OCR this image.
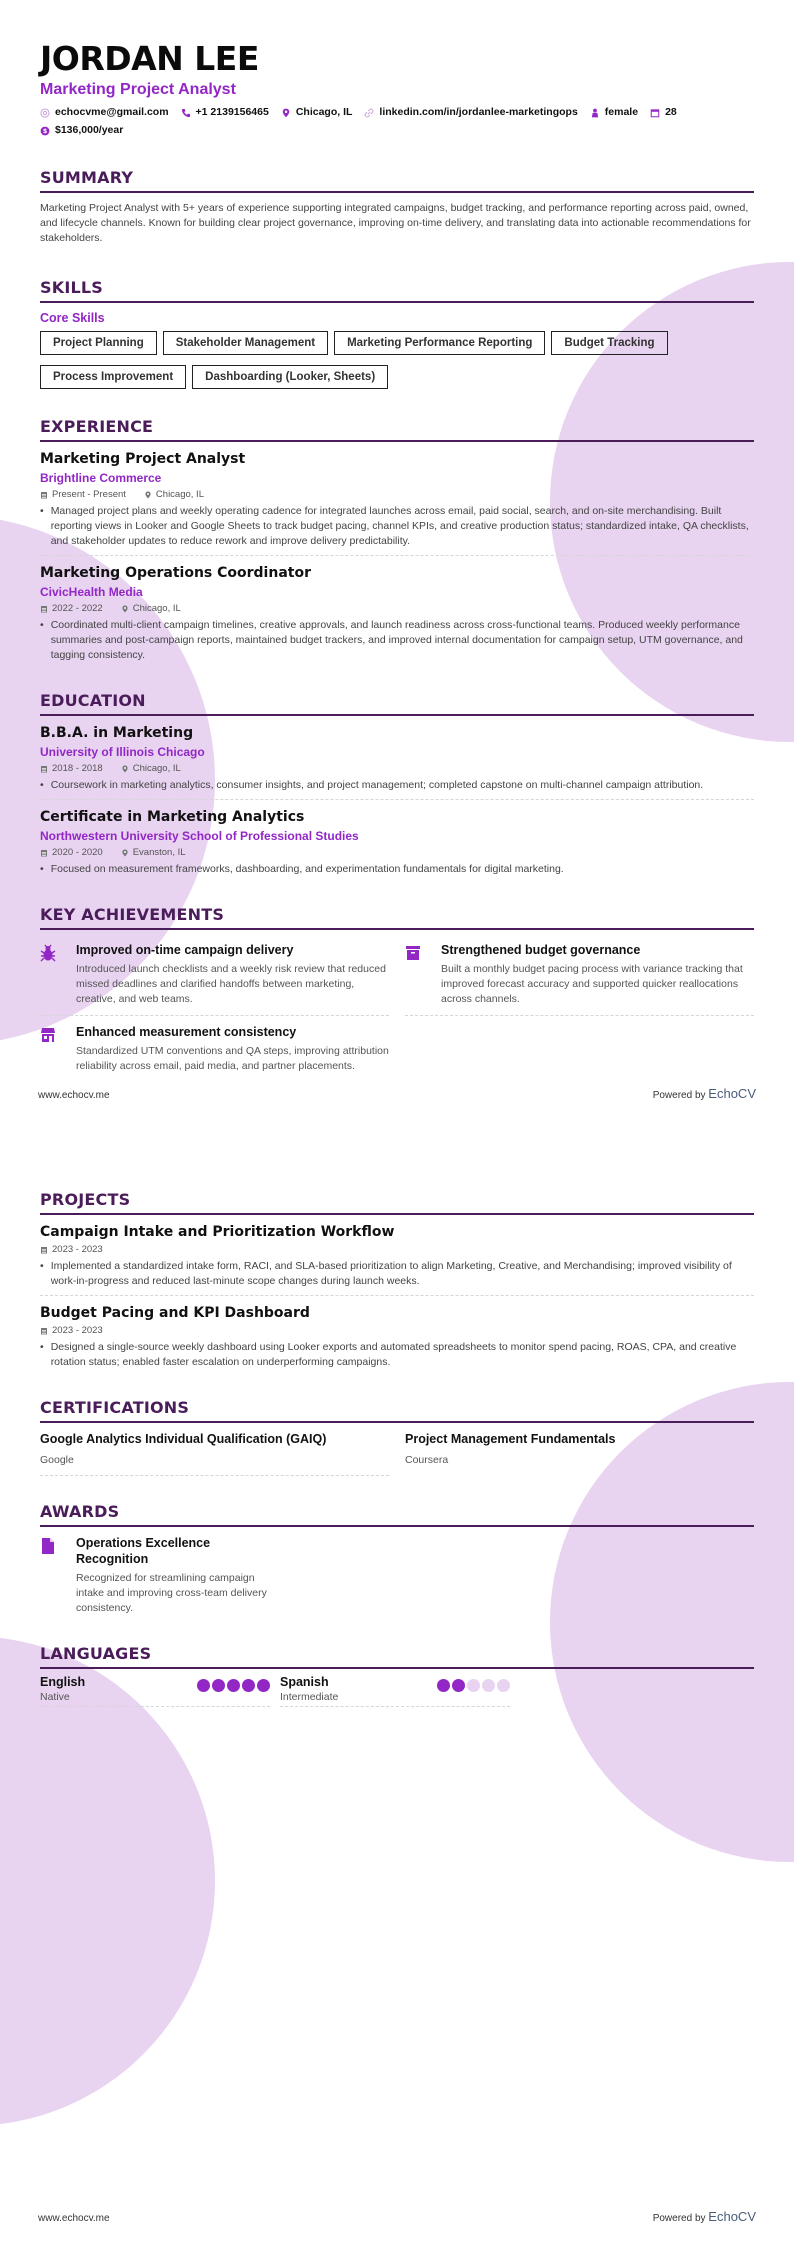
JORDAN LEE
Marketing Project Analyst
echocvme@gmail.com	+1 2139156465	Chicago, IL	linkedin.com/in/jordanlee-marketingops	female	28
$ $136,000/year
SUMMARY

Marketing Project Analyst with 5+ years of experience supporting integrated campaigns, budget tracking, and performance reporting across paid, owned, and lifecycle channels. Known for building clear project governance, improving on-time delivery, and translating data into actionable recommendations for stakeholders.

SKILLS
Core Skills
Project Planning	Stakeholder Management	Marketing Performance Reporting	Budget Tracking
Process Improvement	Dashboarding (Looker, Sheets)
EXPERIENCE
Marketing Project Analyst
Brightline Commerce
Present - Present	Chicago, IL
• Managed project plans and weekly operating cadence for integrated launches across email, paid social, search, and on-site merchandising. Built reporting views in Looker and Google Sheets to track budget pacing, channel KPIs, and creative production status; standardized intake, QA checklists, and stakeholder updates to reduce rework and improve delivery predictability.
Marketing Operations Coordinator
CivicHealth Media
2022 - 2022	Chicago, IL
• Coordinated multi-client campaign timelines, creative approvals, and launch readiness across cross-functional teams. Produced weekly performance summaries and post-campaign reports, maintained budget trackers, and improved internal documentation for campaign setup, UTM governance, and tagging consistency.
EDUCATION
B.B.A. in Marketing
University of Illinois Chicago
2018 - 2018	Chicago, IL
• Coursework in marketing analytics, consumer insights, and project management; completed capstone on multi-channel campaign attribution.
Certificate in Marketing Analytics
Northwestern University School of Professional Studies
2020 - 2020	Evanston, IL
• Focused on measurement frameworks, dashboarding, and experimentation fundamentals for digital marketing.
KEY ACHIEVEMENTS
Improved on-time campaign delivery
Introduced launch checklists and a weekly risk review that reduced missed deadlines and clarified handoffs between marketing, creative, and web teams.
Strengthened budget governance
Built a monthly budget pacing process with variance tracking that improved forecast accuracy and supported quicker reallocations across channels.
Enhanced measurement consistency
Standardized UTM conventions and QA steps, improving attribution reliability across email, paid media, and partner placements.
www.echocv.me	Powered by EchoCV
PROJECTS
Campaign Intake and Prioritization Workflow
2023 - 2023
• Implemented a standardized intake form, RACI, and SLA-based prioritization to align Marketing, Creative, and Merchandising; improved visibility of work-in-progress and reduced last-minute scope changes during launch weeks.
Budget Pacing and KPI Dashboard
2023 - 2023
• Designed a single-source weekly dashboard using Looker exports and automated spreadsheets to monitor spend pacing, ROAS, CPA, and creative rotation status; enabled faster escalation on underperforming campaigns.
CERTIFICATIONS
Google Analytics Individual Qualification (GAIQ)
Google
Project Management Fundamentals
Coursera
AWARDS
Operations Excellence Recognition
Recognized for streamlining campaign intake and improving cross-team delivery consistency.
LANGUAGES
English
Native
Spanish
Intermediate
www.echocv.me	Powered by EchoCV
